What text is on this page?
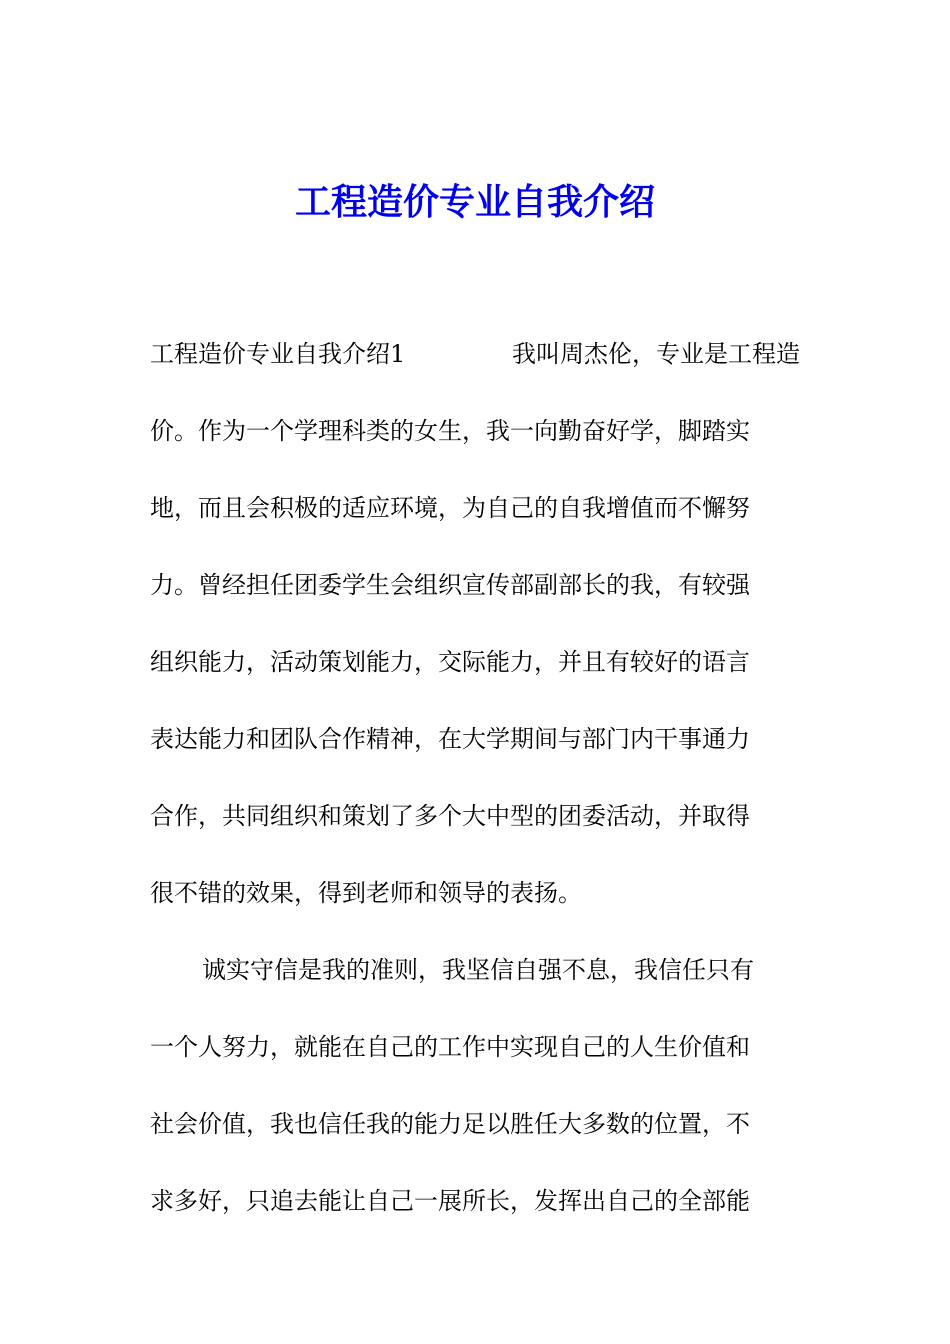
工程造价专业自我介绍
工程造价专业自我介绍1	我叫周杰伦，专业是工程造
价。作为一个学理科类的女生，我一向勤奋好学，脚踏实
地，而且会积极的适应环境，为自己的自我增值而不懈努
力。曾经担任团委学生会组织宣传部副部长的我，有较强
组织能力，活动策划能力，交际能力，并且有较好的语言
表达能力和团队合作精神，在大学期间与部门内干事通力
合作，共同组织和策划了多个大中型的团委活动，并取得
很不错的效果，得到老师和领导的表扬。
诚实守信是我的准则，我坚信自强不息，我信任只有
一个人努力，就能在自己的工作中实现自己的人生价值和
社会价值，我也信任我的能力足以胜任大多数的位置，不
求多好，只追去能让自己一展所长，发挥出自己的全部能
